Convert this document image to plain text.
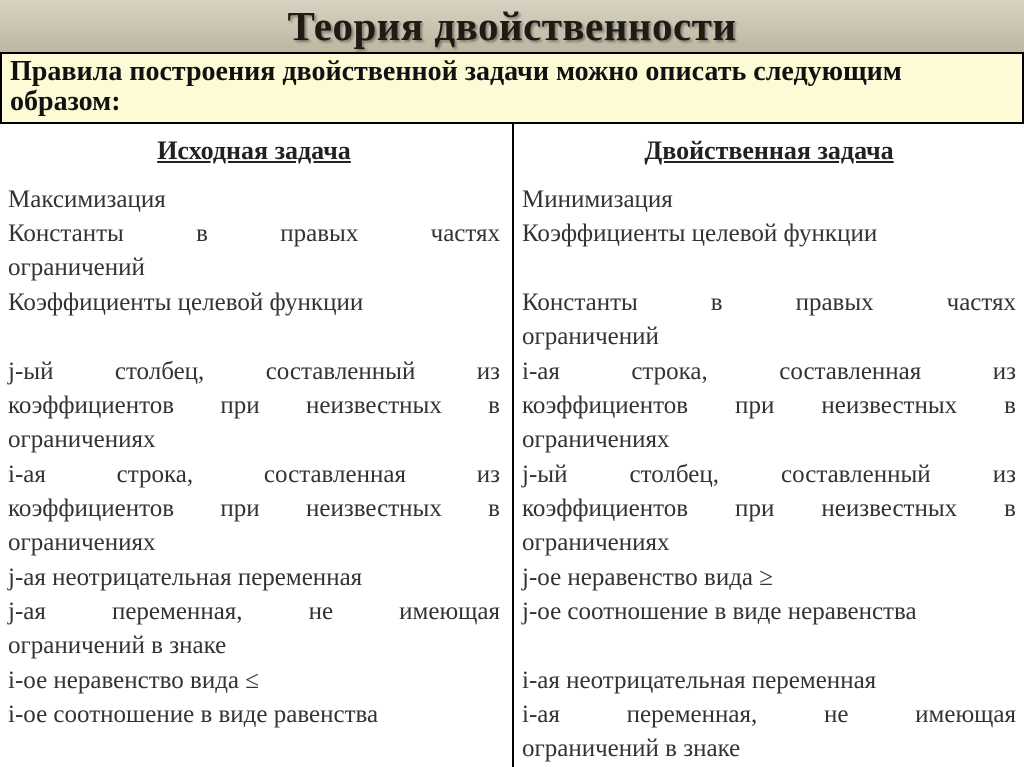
Теория двойственности
Правила построения двойственной задачи можно описать следующим образом:
Исходная задача
Максимизация
Константы в правых частях
ограничений
Коэффициенты целевой функции
j-ый столбец, составленный из
коэффициентов при неизвестных в
ограничениях
i-ая строка, составленная из
коэффициентов при неизвестных в
ограничениях
j-ая неотрицательная переменная
j-ая переменная, не имеющая
ограничений в знаке
i-ое неравенство вида ≤
i-ое соотношение в виде равенства
Двойственная задача
Минимизация
Коэффициенты целевой функции
Константы в правых частях
ограничений
i-ая строка, составленная из
коэффициентов при неизвестных в
ограничениях
j-ый столбец, составленный из
коэффициентов при неизвестных в
ограничениях
j-ое неравенство вида ≥
j-ое соотношение в виде неравенства
i-ая неотрицательная переменная
i-ая переменная, не имеющая
ограничений в знаке
